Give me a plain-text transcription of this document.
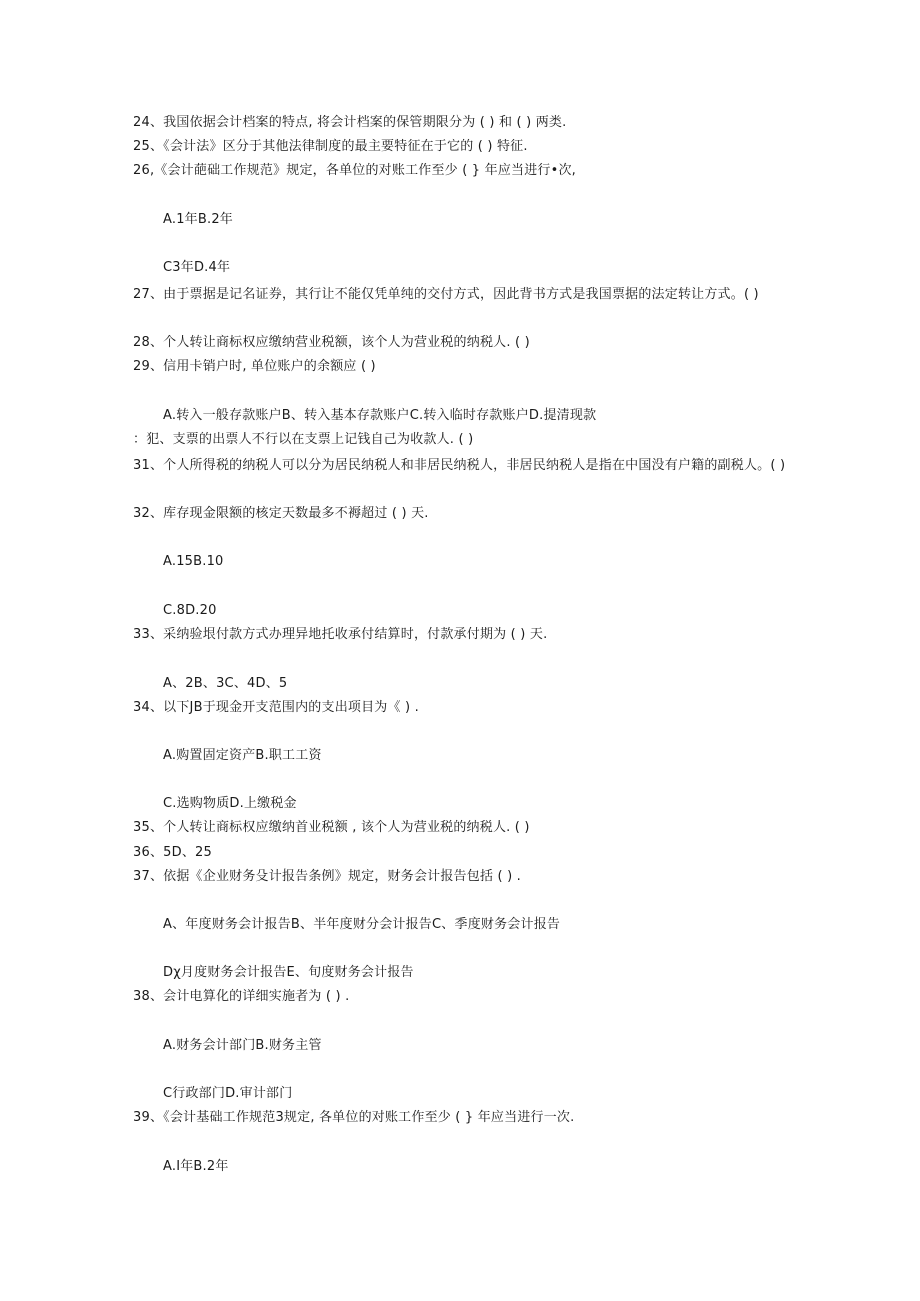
24、我国依据会计档案的特点, 将会计档案的保管期限分为 ( ) 和 ( ) 两类.
25、《会计法》区分于其他法律制度的最主要特征在于它的 ( ) 特征.
26,《会计葩础工作规范》规定，各单位的对账工作至少 ( } 年应当进行•次,
A.1年B.2年
C3年D.4年
27、由于票据是记名证券，其行让不能仅凭单纯的交付方式，因此背书方式是我国票据的法定转让方式。( )
28、个人转让商标权应缴纳营业税额，该个人为营业税的纳税人. ( )
29、信用卡销户时, 单位账户的余额应 ( )
A.转入一般存款账户B、转入基本存款账户C.转入临时存款账户D.提清现款
：犯、支票的出票人不行以在支票上记钱自己为收款人. ( )
31、个人所得税的纳税人可以分为居民纳税人和非居民纳税人，非居民纳税人是指在中国没有户籍的副税人。( )
32、库存现金限额的核定天数最多不褥超过 ( ) 天.
A.15B.10
C.8D.20
33、采纳验垠付款方式办理异地托收承付结算时，付款承付期为 ( ) 天.
A、2B、3C、4D、5
34、以下JB于现金开支范围内的支出项目为《 ) .
A.购置固定资产B.职工工资
C.选购物质D.上缴税金
35、个人转让商标权应缴纳首业税额 , 该个人为营业税的纳税人. ( )
36、5D、25
37、依据《企业财务殳计报告条例》规定，财务会计报告包括 ( ) .
A、年度财务会计报告B、半年度财分会计报告C、季度财务会计报告
Dχ月度财务会计报告E、旬度财务会计报告
38、会计电算化的详细实施者为 ( ) .
A.财务会计部门B.财务主管
C行政部门D.审计部门
39、《会计基础工作规范3规定, 各单位的对账工作至少 ( } 年应当进行一次.
A.I年B.2年
